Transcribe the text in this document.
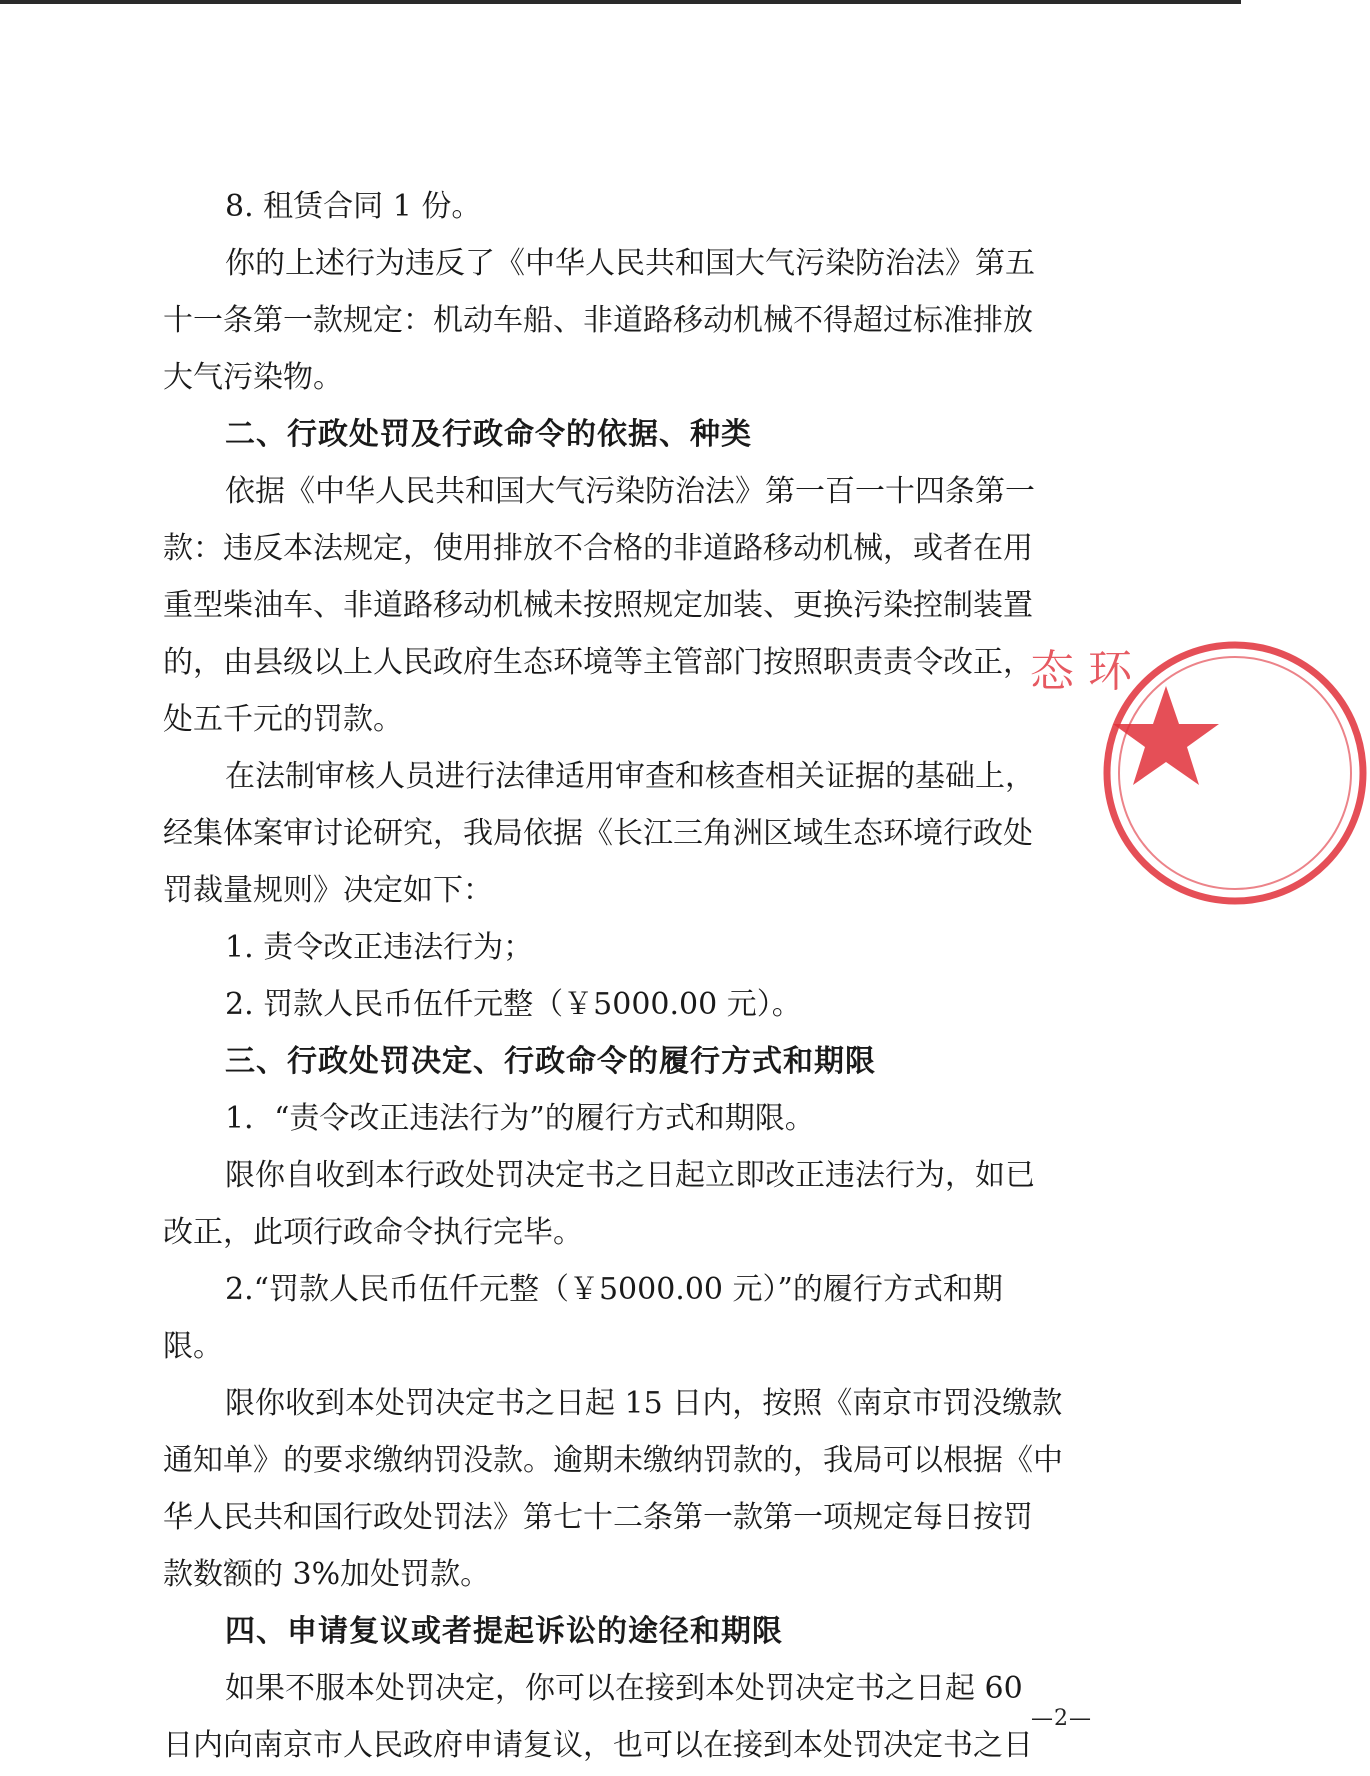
8. 租赁合同 1 份。
你的上述行为违反了《中华人民共和国大气污染防治法》第五
十一条第一款规定：机动车船、非道路移动机械不得超过标准排放
大气污染物。
二、行政处罚及行政命令的依据、种类
依据《中华人民共和国大气污染防治法》第一百一十四条第一
款：违反本法规定，使用排放不合格的非道路移动机械，或者在用
重型柴油车、非道路移动机械未按照规定加装、更换污染控制装置
的，由县级以上人民政府生态环境等主管部门按照职责责令改正，
处五千元的罚款。
在法制审核人员进行法律适用审查和核查相关证据的基础上，
经集体案审讨论研究，我局依据《长江三角洲区域生态环境行政处
罚裁量规则》决定如下：
1. 责令改正违法行为；
2. 罚款人民币伍仟元整（￥5000.00 元）。
三、行政处罚决定、行政命令的履行方式和期限
1．“责令改正违法行为”的履行方式和期限。
限你自收到本行政处罚决定书之日起立即改正违法行为，如已
改正，此项行政命令执行完毕。
2.“罚款人民币伍仟元整（￥5000.00 元）”的履行方式和期
限。
限你收到本处罚决定书之日起 15 日内，按照《南京市罚没缴款
通知单》的要求缴纳罚没款。逾期未缴纳罚款的，我局可以根据《中
华人民共和国行政处罚法》第七十二条第一款第一项规定每日按罚
款数额的 3%加处罚款。
四、申请复议或者提起诉讼的途径和期限
如果不服本处罚决定，你可以在接到本处罚决定书之日起 60
日内向南京市人民政府申请复议，也可以在接到本处罚决定书之日
态 环
—2—
